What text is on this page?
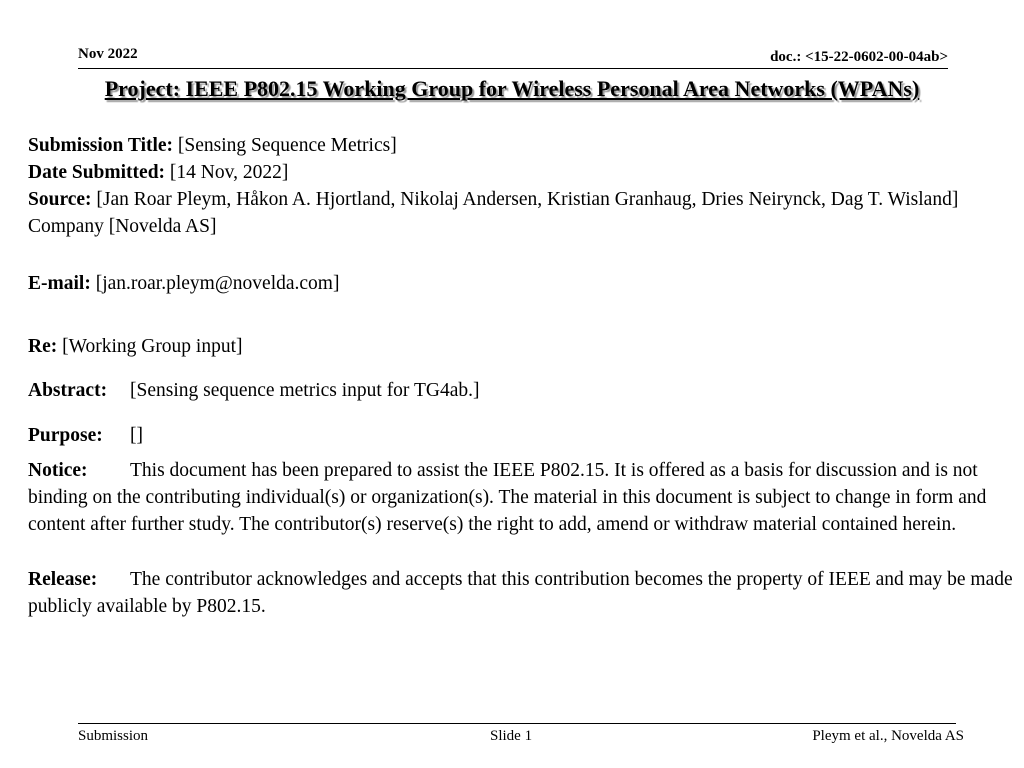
Nov 2022	doc.: <15-22-0602-00-04ab>
Project: IEEE P802.15 Working Group for Wireless Personal Area Networks (WPANs)
Submission Title: [Sensing Sequence Metrics]
Date Submitted: [14 Nov, 2022]
Source: [Jan Roar Pleym, Håkon A. Hjortland, Nikolaj Andersen, Kristian Granhaug, Dries Neirynck, Dag T. Wisland] Company [Novelda AS]
E-mail: [jan.roar.pleym@novelda.com]
Re: [Working Group input]
Abstract: [Sensing sequence metrics input for TG4ab.]
Purpose: []
Notice: This document has been prepared to assist the IEEE P802.15. It is offered as a basis for discussion and is not binding on the contributing individual(s) or organization(s). The material in this document is subject to change in form and content after further study. The contributor(s) reserve(s) the right to add, amend or withdraw material contained herein.
Release: The contributor acknowledges and accepts that this contribution becomes the property of IEEE and may be made publicly available by P802.15.
Submission	Slide 1	Pleym et al., Novelda AS
